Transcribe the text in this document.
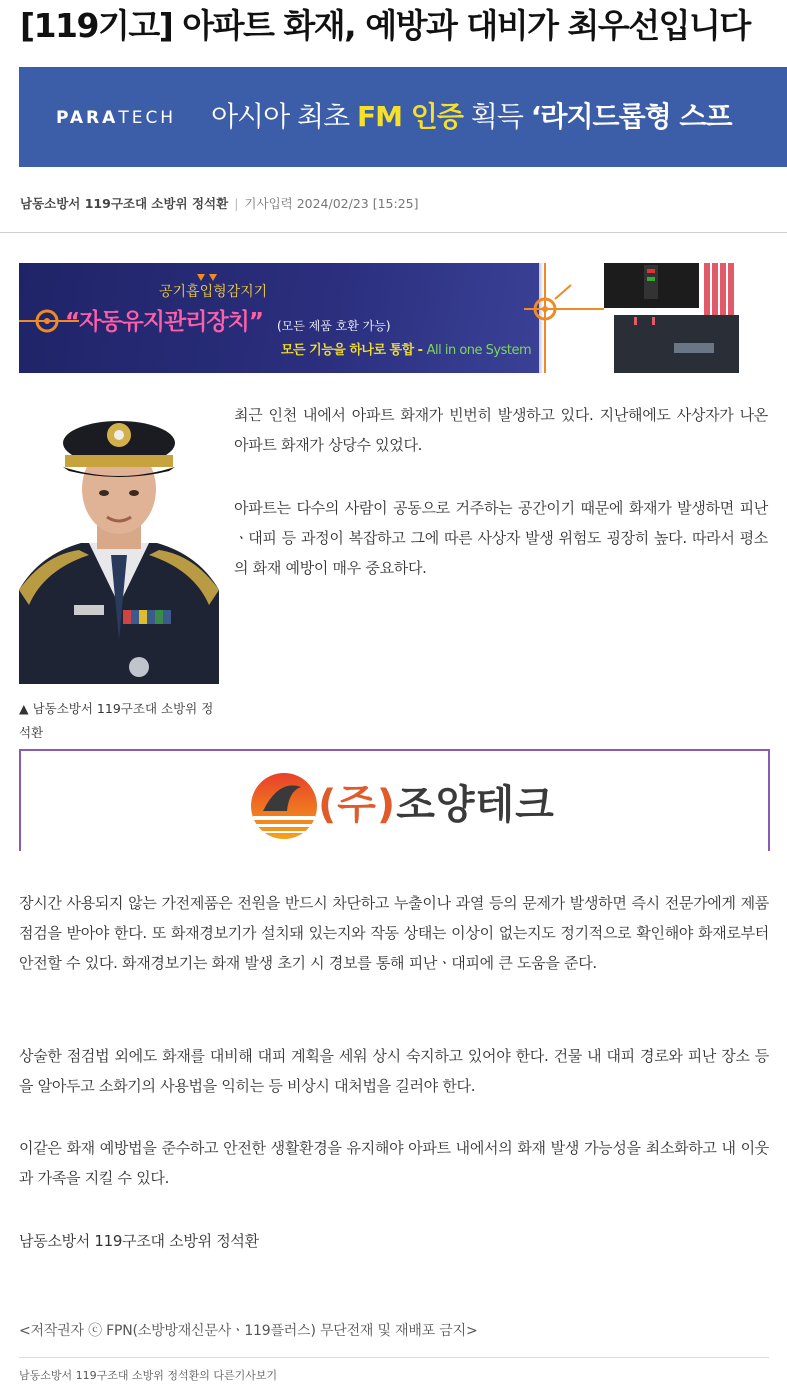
[119기고] 아파트 화재, 예방과 대비가 최우선입니다
PARATECH 아시아 최초 FM 인증 획득 ‘라지드롭형 스프
남동소방서 119구조대 소방위 정석환 | 기사입력 2024/02/23 [15:25]
공기흡입형감지기
“자동유지관리장치” (모든 제품 호환 가능)
모든 기능을 하나로 통합 - All in one System
▲ 남동소방서 119구조대 소방위 정석환
최근 인천 내에서 아파트 화재가 빈번히 발생하고 있다. 지난해에도 사상자가 나온 아파트 화재가 상당수 있었다.
아파트는 다수의 사람이 공동으로 거주하는 공간이기 때문에 화재가 발생하면 피난ㆍ대피 등 과정이 복잡하고 그에 따른 사상자 발생 위험도 굉장히 높다. 따라서 평소의 화재 예방이 매우 중요하다.
(주)조양테크
장시간 사용되지 않는 가전제품은 전원을 반드시 차단하고 누출이나 과열 등의 문제가 발생하면 즉시 전문가에게 제품 점검을 받아야 한다. 또 화재경보기가 설치돼 있는지와 작동 상태는 이상이 없는지도 정기적으로 확인해야 화재로부터 안전할 수 있다. 화재경보기는 화재 발생 초기 시 경보를 통해 피난ㆍ대피에 큰 도움을 준다.
상술한 점검법 외에도 화재를 대비해 대피 계획을 세워 상시 숙지하고 있어야 한다. 건물 내 대피 경로와 피난 장소 등을 알아두고 소화기의 사용법을 익히는 등 비상시 대처법을 길러야 한다.
이같은 화재 예방법을 준수하고 안전한 생활환경을 유지해야 아파트 내에서의 화재 발생 가능성을 최소화하고 내 이웃과 가족을 지킬 수 있다.
남동소방서 119구조대 소방위 정석환
<저작권자 ⓒ FPN(소방방재신문사ㆍ119플러스) 무단전재 및 재배포 금지>
남동소방서 119구조대 소방위 정석환의 다른기사보기
